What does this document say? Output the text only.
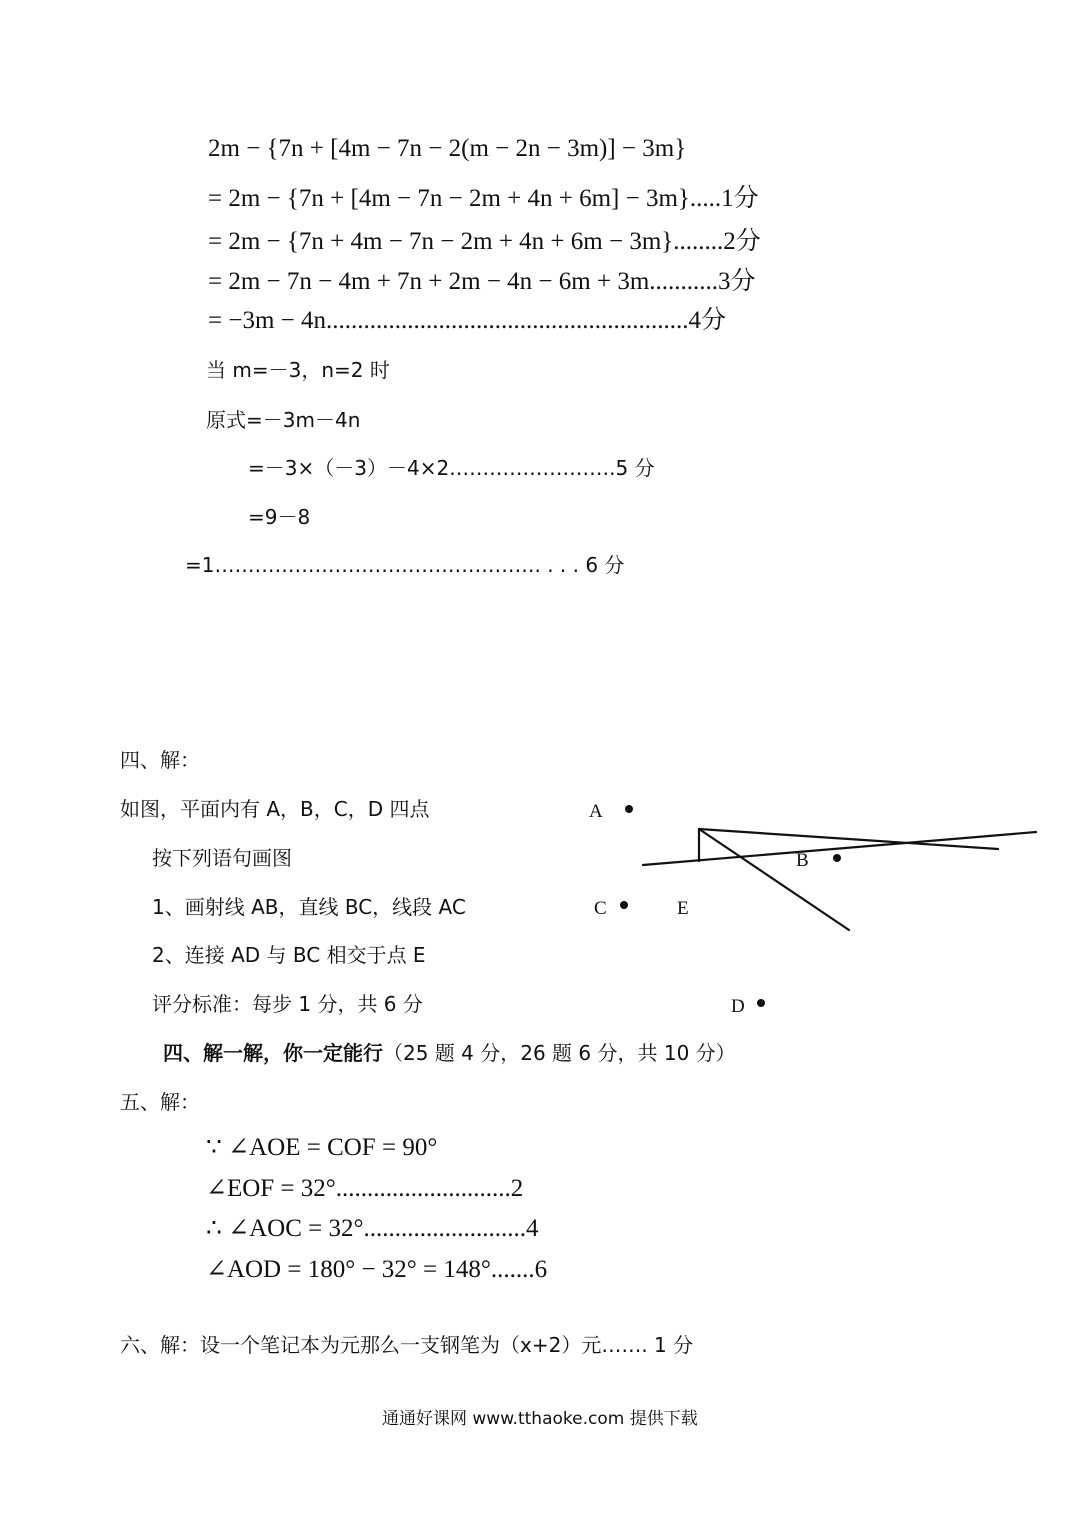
2m − {7n + [4m − 7n − 2(m − 2n − 3m)] − 3m}
= 2m − {7n + [4m − 7n − 2m + 4n + 6m] − 3m}.....1分
= 2m − {7n + 4m − 7n − 2m + 4n + 6m − 3m}........2分
= 2m − 7n − 4m + 7n + 2m − 4n − 6m + 3m...........3分
= −3m − 4n..........................................................4分
当 m=－3，n=2 时
原式=－3m－4n
=－3×（－3）－4×2…………………….5 分
=9－8
=1…………………………………………. . . . 6 分
四、解：
如图，平面内有 A，B，C，D 四点
按下列语句画图
1、画射线 AB，直线 BC，线段 AC
2、连接 AD 与 BC 相交于点 E
评分标准：每步 1 分，共 6 分
A
B
C	E
D
四、解一解，你一定能行（25 题 4 分，26 题 6 分，共 10 分）
五、解：
∵ ∠AOE = COF = 90°
∠EOF = 32°............................2
∴ ∠AOC = 32°..........................4
∠AOD = 180° − 32° = 148°.......6
六、解：设一个笔记本为元那么一支钢笔为（x+2）元……. 1 分
通通好课网 www.tthaoke.com 提供下载
